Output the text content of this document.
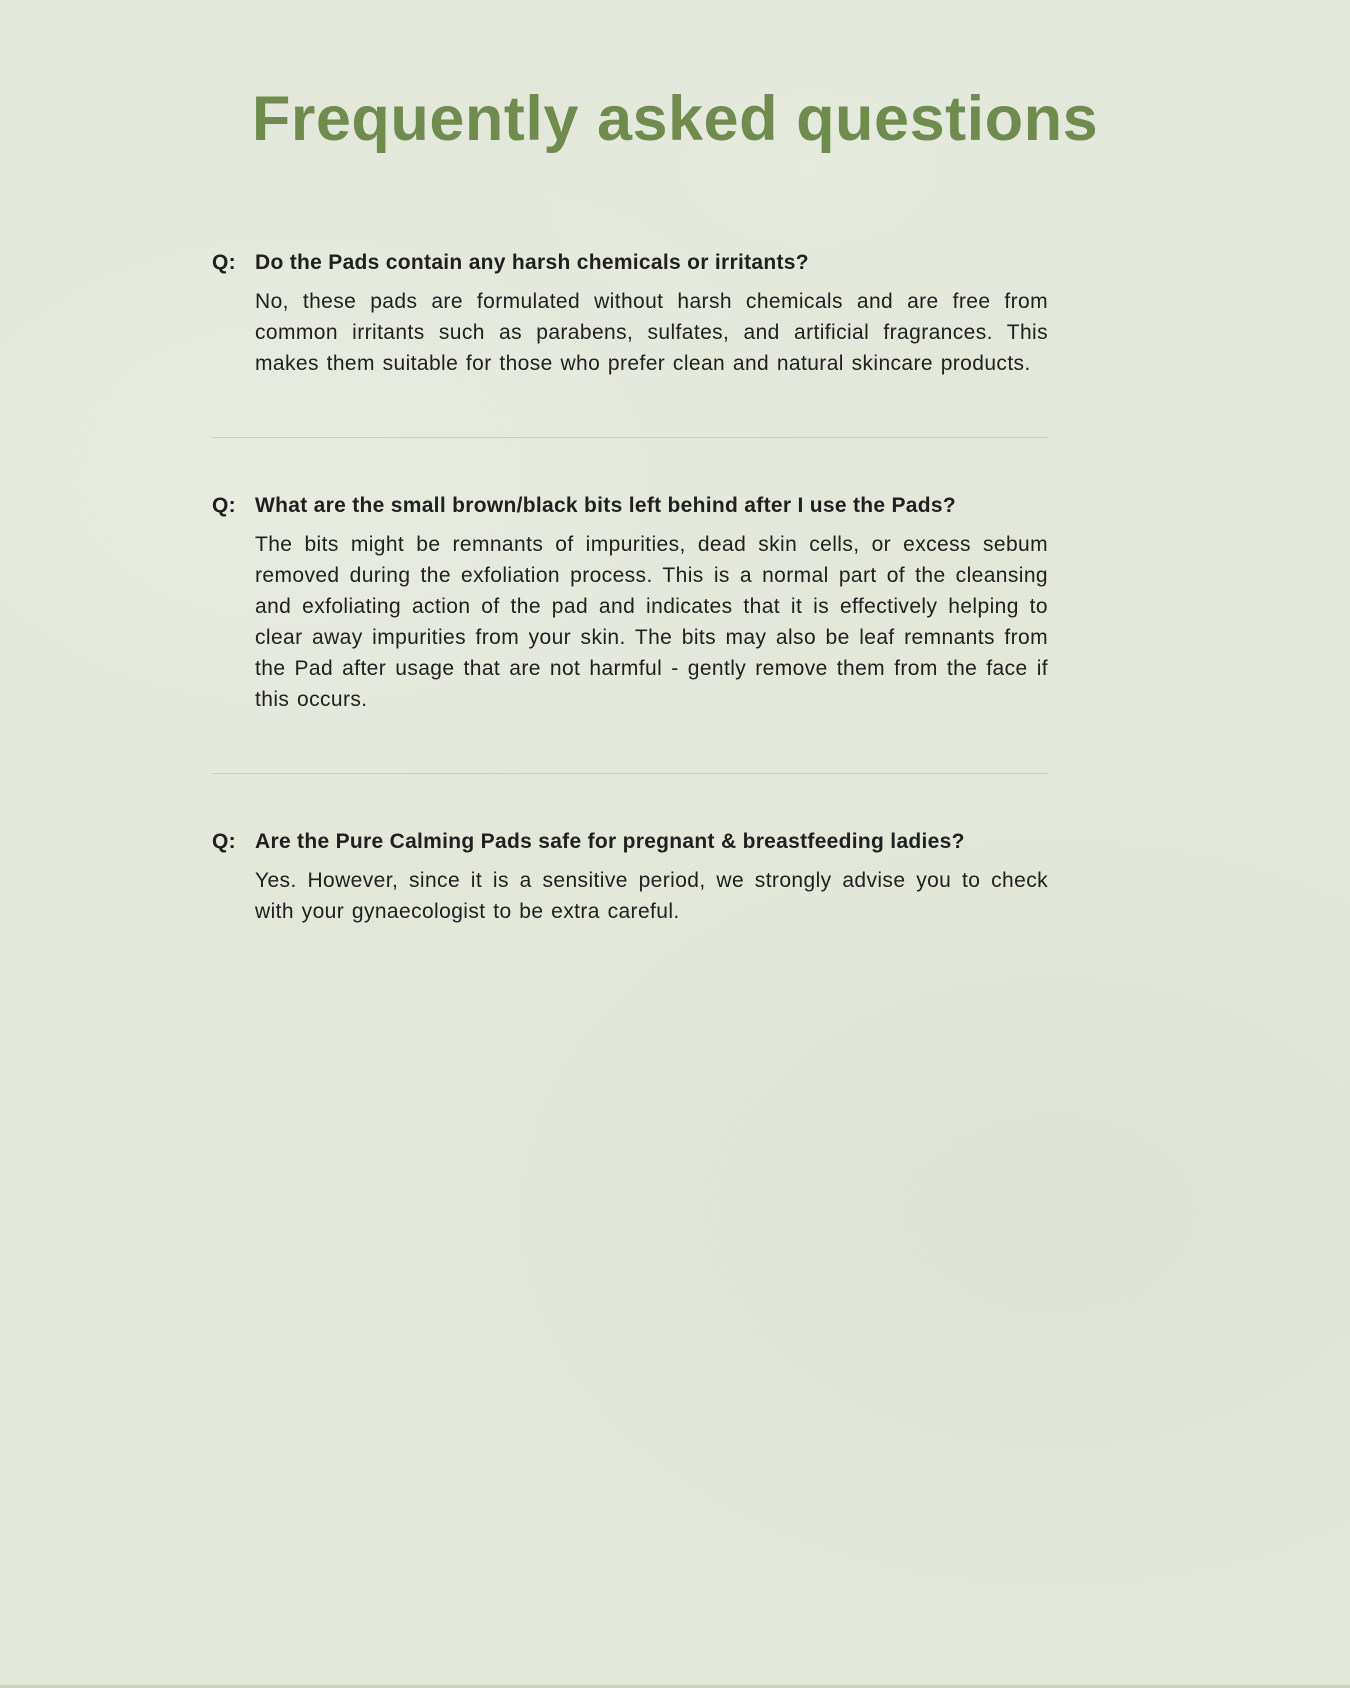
Frequently asked questions
Q: Do the Pads contain any harsh chemicals or irritants?

No, these pads are formulated without harsh chemicals and are free from common irritants such as parabens, sulfates, and artificial fragrances. This makes them suitable for those who prefer clean and natural skincare products.

Q: What are the small brown/black bits left behind after I use the Pads?

The bits might be remnants of impurities, dead skin cells, or excess sebum removed during the exfoliation process. This is a normal part of the cleansing and exfoliating action of the pad and indicates that it is effectively helping to clear away impurities from your skin. The bits may also be leaf remnants from the Pad after usage that are not harmful - gently remove them from the face if this occurs.

Q: Are the Pure Calming Pads safe for pregnant & breastfeeding ladies?

Yes. However, since it is a sensitive period, we strongly advise you to check with your gynaecologist to be extra careful.
